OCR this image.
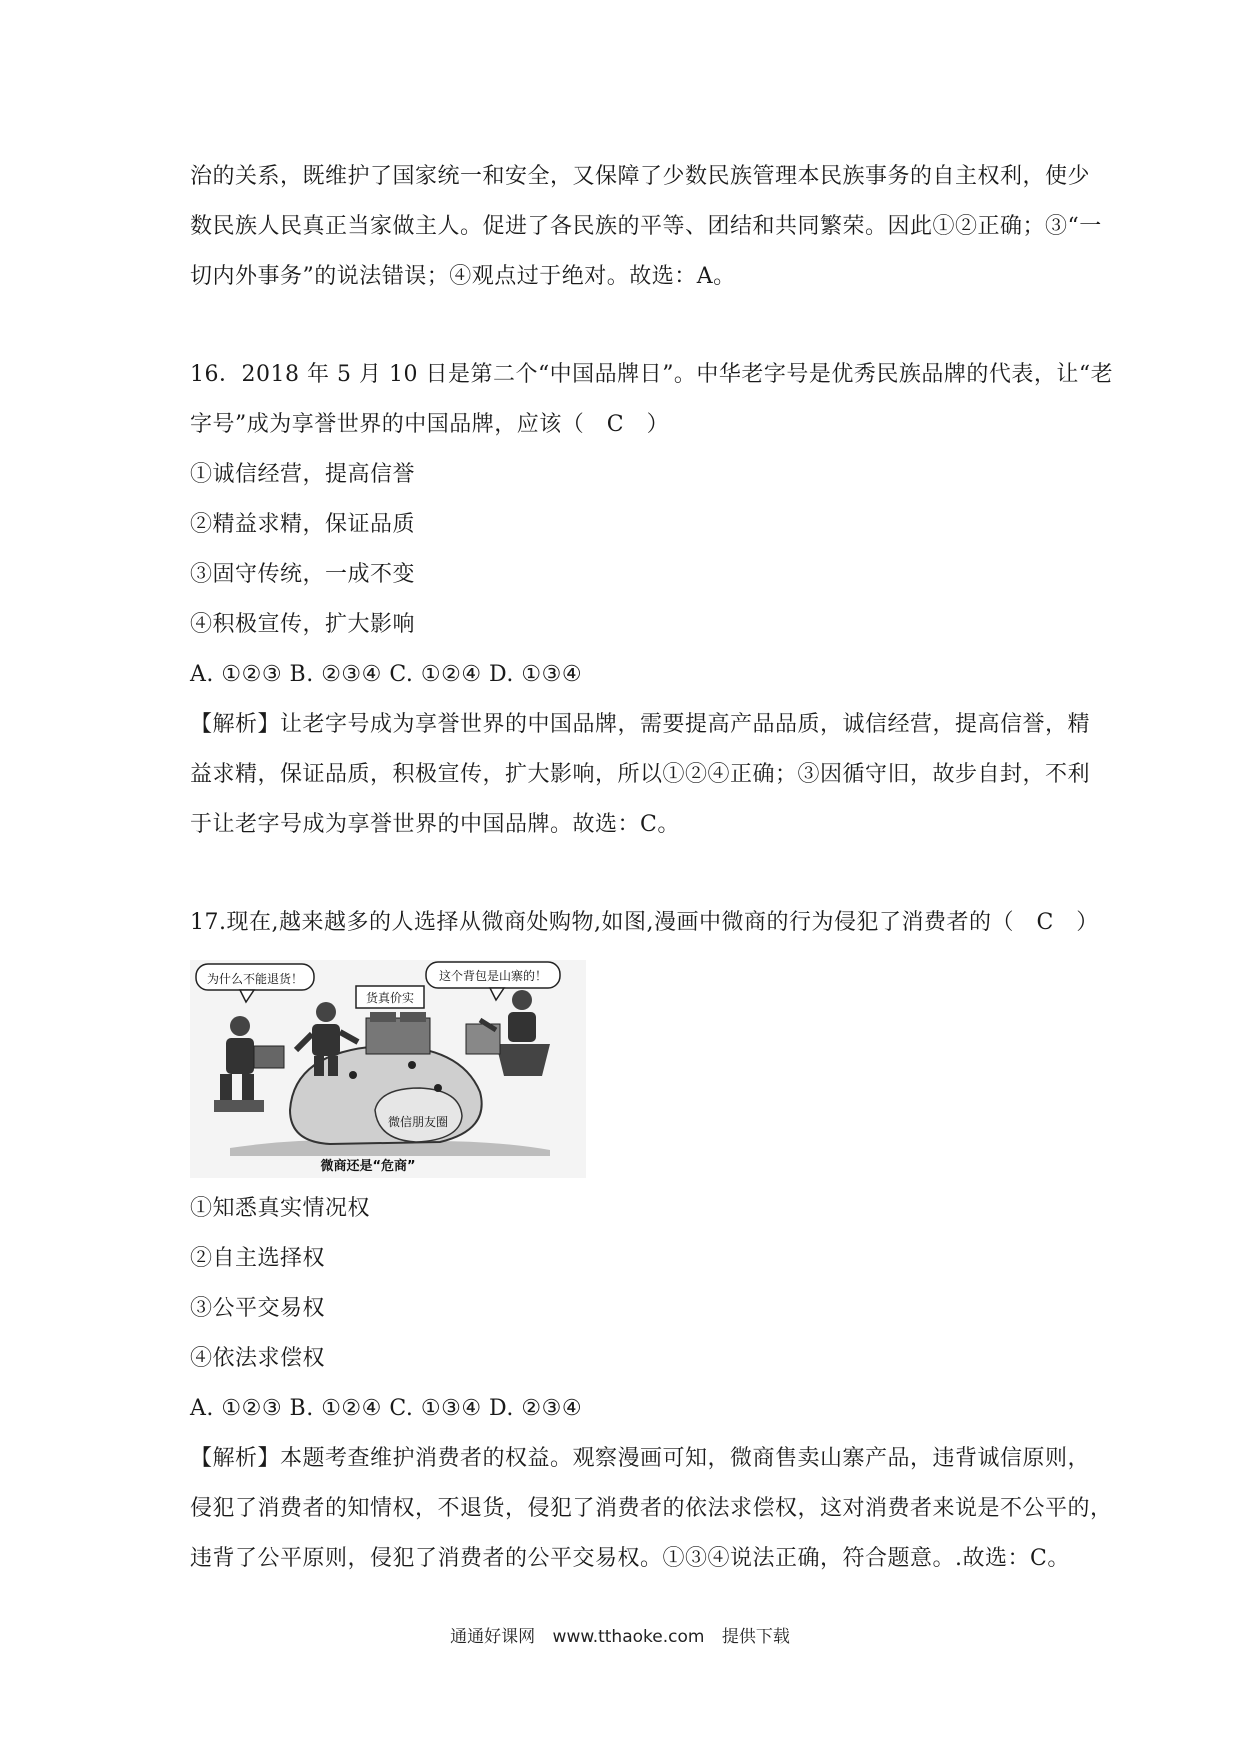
治的关系，既维护了国家统一和安全，又保障了少数民族管理本民族事务的自主权利，使少
数民族人民真正当家做主人。促进了各民族的平等、团结和共同繁荣。因此①②正确；③“一
切内外事务”的说法错误；④观点过于绝对。故选：A。
16．2018 年 5 月 10 日是第二个“中国品牌日”。中华老字号是优秀民族品牌的代表，让“老
字号”成为享誉世界的中国品牌，应该（　C　）
①诚信经营，提高信誉
②精益求精，保证品质
③固守传统，一成不变
④积极宣传，扩大影响
A. ①②③ B. ②③④ C. ①②④ D. ①③④
【解析】让老字号成为享誉世界的中国品牌，需要提高产品品质，诚信经营，提高信誉，精
益求精，保证品质，积极宣传，扩大影响，所以①②④正确；③因循守旧，故步自封，不利
于让老字号成为享誉世界的中国品牌。故选：C。
17.现在,越来越多的人选择从微商处购物,如图,漫画中微商的行为侵犯了消费者的（　C　）
为什么不能退货！
货真价实
这个背包是山寨的！
微信朋友圈
微商还是“危商”
①知悉真实情况权
②自主选择权
③公平交易权
④依法求偿权
A. ①②③ B. ①②④ C. ①③④ D. ②③④
【解析】本题考查维护消费者的权益。观察漫画可知，微商售卖山寨产品，违背诚信原则，
侵犯了消费者的知情权，不退货，侵犯了消费者的依法求偿权，这对消费者来说是不公平的，
违背了公平原则，侵犯了消费者的公平交易权。①③④说法正确，符合题意。.故选：C。
通通好课网 www.tthaoke.com 提供下载
